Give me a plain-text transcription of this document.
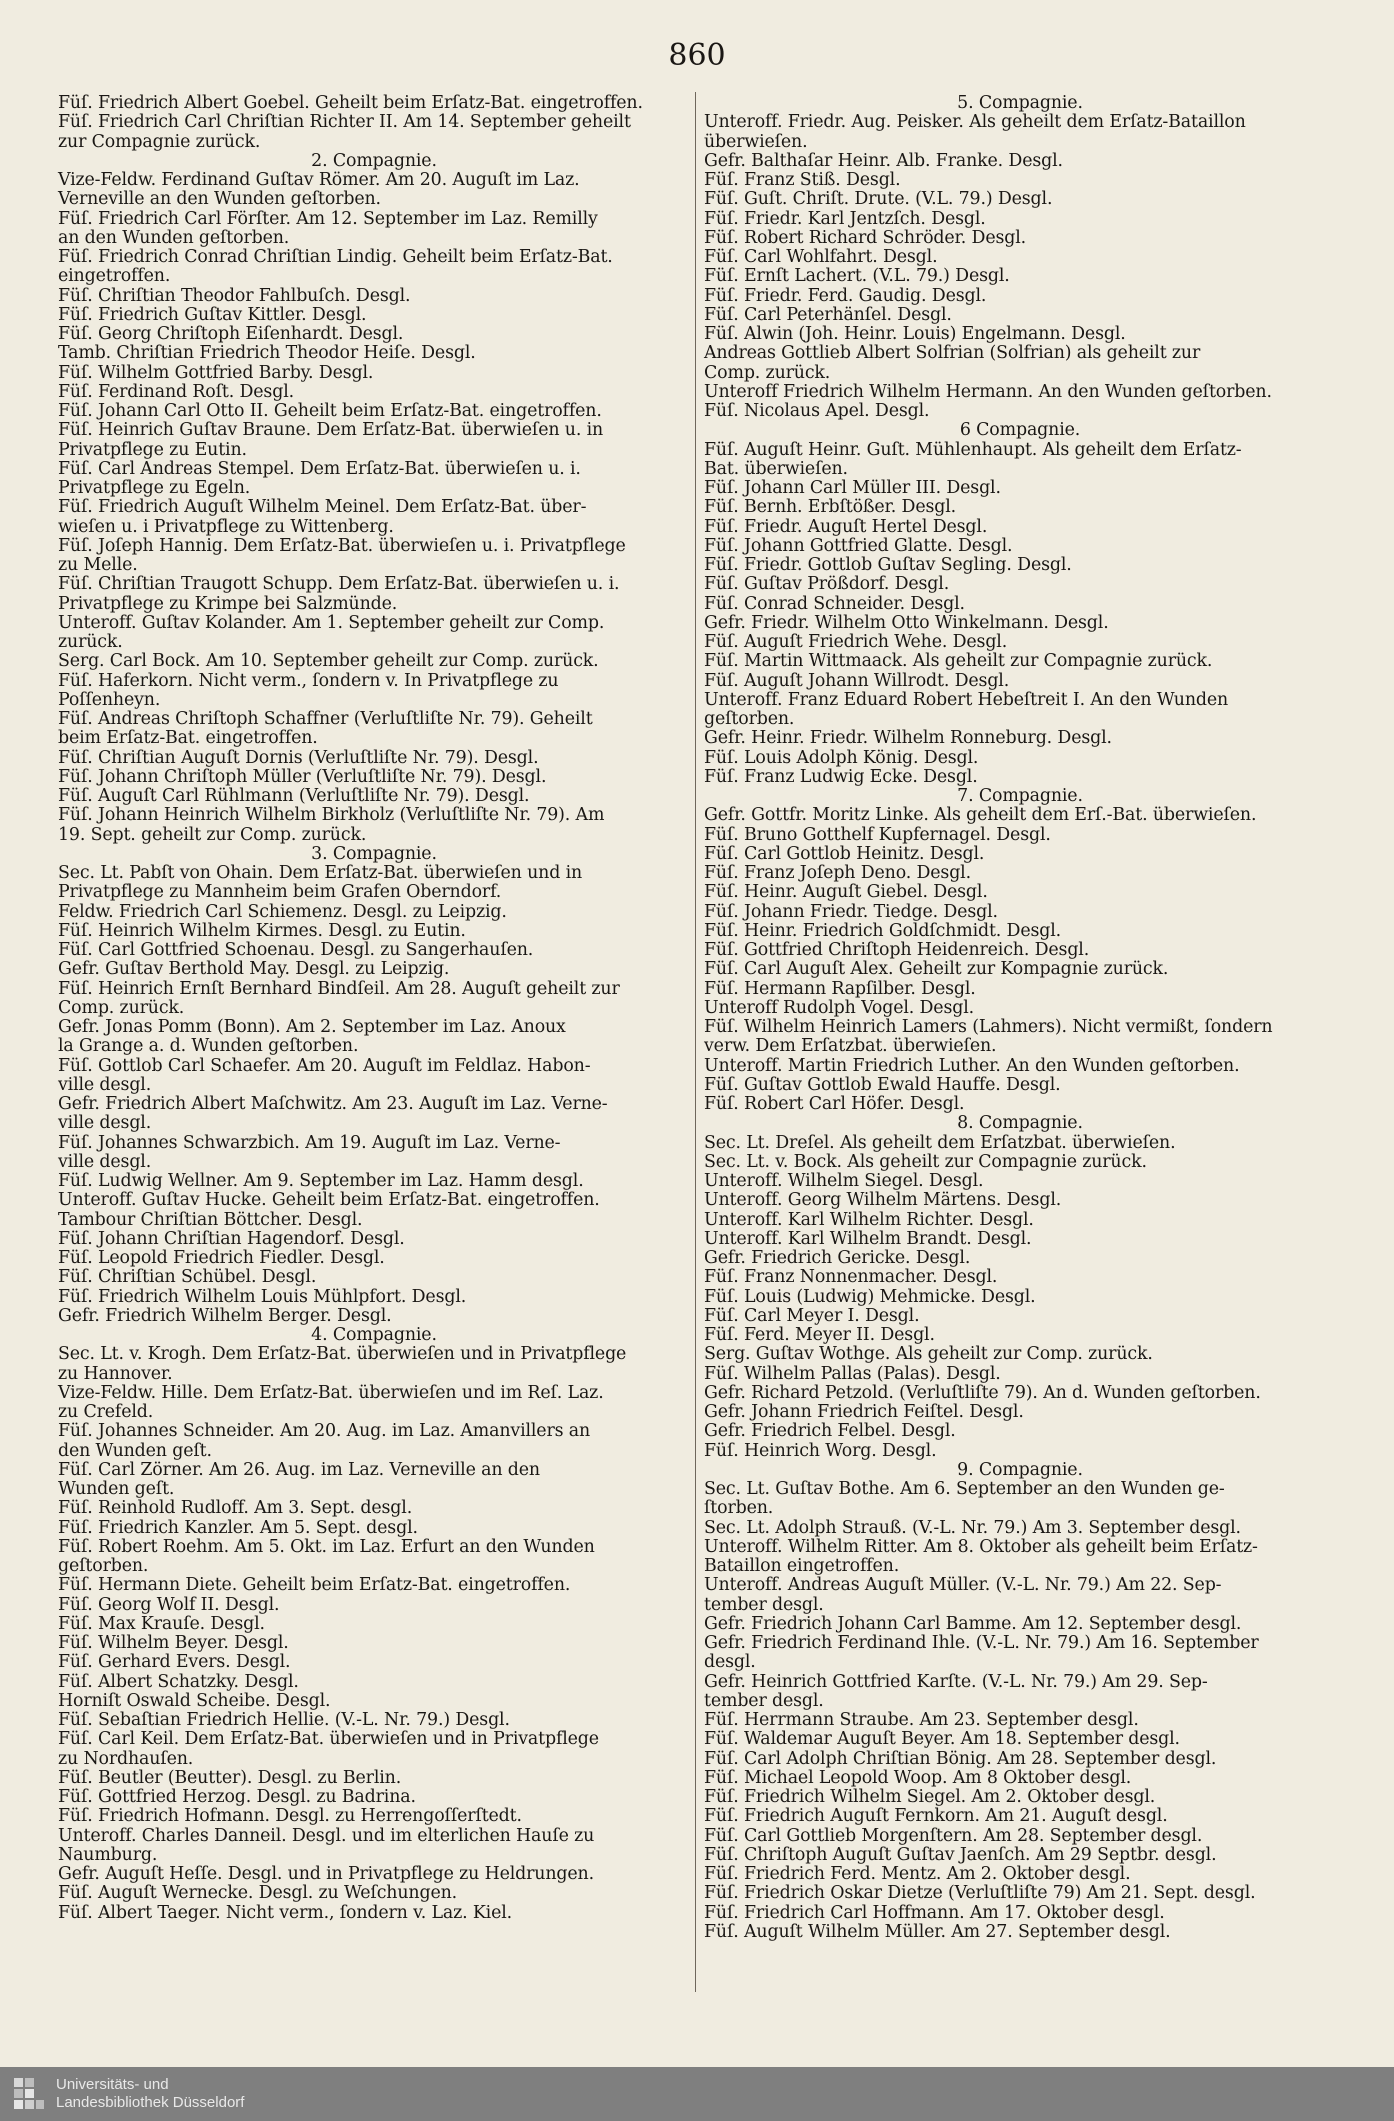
860
Füſ. Friedrich Albert Goebel. Geheilt beim Erſatz-Bat. eingetroffen.
Füſ. Friedrich Carl Chriſtian Richter II. Am 14. September geheilt
zur Compagnie zurück.
2. Compagnie.
Vize-Feldw. Ferdinand Guſtav Römer. Am 20. Auguſt im Laz.
Verneville an den Wunden geſtorben.
Füſ. Friedrich Carl Förſter. Am 12. September im Laz. Remilly
an den Wunden geſtorben.
Füſ. Friedrich Conrad Chriſtian Lindig. Geheilt beim Erſatz-Bat.
eingetroffen.
Füſ. Chriſtian Theodor Fahlbuſch. Desgl.
Füſ. Friedrich Guſtav Kittler. Desgl.
Füſ. Georg Chriſtoph Eiſenhardt. Desgl.
Tamb. Chriſtian Friedrich Theodor Heiſe. Desgl.
Füſ. Wilhelm Gottfried Barby. Desgl.
Füſ. Ferdinand Roſt. Desgl.
Füſ. Johann Carl Otto II. Geheilt beim Erſatz-Bat. eingetroffen.
Füſ. Heinrich Guſtav Braune. Dem Erſatz-Bat. überwieſen u. in
Privatpflege zu Eutin.
Füſ. Carl Andreas Stempel. Dem Erſatz-Bat. überwieſen u. i.
Privatpflege zu Egeln.
Füſ. Friedrich Auguſt Wilhelm Meinel. Dem Erſatz-Bat. über-
wieſen u. i Privatpflege zu Wittenberg.
Füſ. Joſeph Hannig. Dem Erſatz-Bat. überwieſen u. i. Privatpflege
zu Melle.
Füſ. Chriſtian Traugott Schupp. Dem Erſatz-Bat. überwieſen u. i.
Privatpflege zu Krimpe bei Salzmünde.
Unteroff. Guſtav Kolander. Am 1. September geheilt zur Comp.
zurück.
Serg. Carl Bock. Am 10. September geheilt zur Comp. zurück.
Füſ. Haferkorn. Nicht verm., ſondern v. In Privatpflege zu
Poſſenheyn.
Füſ. Andreas Chriſtoph Schaffner (Verluſtliſte Nr. 79). Geheilt
beim Erſatz-Bat. eingetroffen.
Füſ. Chriſtian Auguſt Dornis (Verluſtliſte Nr. 79). Desgl.
Füſ. Johann Chriſtoph Müller (Verluſtliſte Nr. 79). Desgl.
Füſ. Auguſt Carl Rühlmann (Verluſtliſte Nr. 79). Desgl.
Füſ. Johann Heinrich Wilhelm Birkholz (Verluſtliſte Nr. 79). Am
19. Sept. geheilt zur Comp. zurück.
3. Compagnie.
Sec. Lt. Pabſt von Ohain. Dem Erſatz-Bat. überwieſen und in
Privatpflege zu Mannheim beim Grafen Oberndorf.
Feldw. Friedrich Carl Schiemenz. Desgl. zu Leipzig.
Füſ. Heinrich Wilhelm Kirmes. Desgl. zu Eutin.
Füſ. Carl Gottfried Schoenau. Desgl. zu Sangerhauſen.
Gefr. Guſtav Berthold May. Desgl. zu Leipzig.
Füſ. Heinrich Ernſt Bernhard Bindſeil. Am 28. Auguſt geheilt zur
Comp. zurück.
Gefr. Jonas Pomm (Bonn). Am 2. September im Laz. Anoux
la Grange a. d. Wunden geſtorben.
Füſ. Gottlob Carl Schaefer. Am 20. Auguſt im Feldlaz. Habon-
ville desgl.
Gefr. Friedrich Albert Maſchwitz. Am 23. Auguſt im Laz. Verne-
ville desgl.
Füſ. Johannes Schwarzbich. Am 19. Auguſt im Laz. Verne-
ville desgl.
Füſ. Ludwig Wellner. Am 9. September im Laz. Hamm desgl.
Unteroff. Guſtav Hucke. Geheilt beim Erſatz-Bat. eingetroffen.
Tambour Chriſtian Böttcher. Desgl.
Füſ. Johann Chriſtian Hagendorf. Desgl.
Füſ. Leopold Friedrich Fiedler. Desgl.
Füſ. Chriſtian Schübel. Desgl.
Füſ. Friedrich Wilhelm Louis Mühlpfort. Desgl.
Gefr. Friedrich Wilhelm Berger. Desgl.
4. Compagnie.
Sec. Lt. v. Krogh. Dem Erſatz-Bat. überwieſen und in Privatpflege
zu Hannover.
Vize-Feldw. Hille. Dem Erſatz-Bat. überwieſen und im Reſ. Laz.
zu Crefeld.
Füſ. Johannes Schneider. Am 20. Aug. im Laz. Amanvillers an
den Wunden geſt.
Füſ. Carl Zörner. Am 26. Aug. im Laz. Verneville an den
Wunden geſt.
Füſ. Reinhold Rudloff. Am 3. Sept. desgl.
Füſ. Friedrich Kanzler. Am 5. Sept. desgl.
Füſ. Robert Roehm. Am 5. Okt. im Laz. Erfurt an den Wunden
geſtorben.
Füſ. Hermann Diete. Geheilt beim Erſatz-Bat. eingetroffen.
Füſ. Georg Wolf II. Desgl.
Füſ. Max Krauſe. Desgl.
Füſ. Wilhelm Beyer. Desgl.
Füſ. Gerhard Evers. Desgl.
Füſ. Albert Schatzky. Desgl.
Horniſt Oswald Scheibe. Desgl.
Füſ. Sebaſtian Friedrich Hellie. (V.-L. Nr. 79.) Desgl.
Füſ. Carl Keil. Dem Erſatz-Bat. überwieſen und in Privatpflege
zu Nordhauſen.
Füſ. Beutler (Beutter). Desgl. zu Berlin.
Füſ. Gottfried Herzog. Desgl. zu Badrina.
Füſ. Friedrich Hofmann. Desgl. zu Herrengoſſerſtedt.
Unteroff. Charles Danneil. Desgl. und im elterlichen Hauſe zu
Naumburg.
Gefr. Auguſt Heſſe. Desgl. und in Privatpflege zu Heldrungen.
Füſ. Auguſt Wernecke. Desgl. zu Weſchungen.
Füſ. Albert Taeger. Nicht verm., ſondern v. Laz. Kiel.
5. Compagnie.
Unteroff. Friedr. Aug. Peisker. Als geheilt dem Erſatz-Bataillon
überwieſen.
Gefr. Balthaſar Heinr. Alb. Franke. Desgl.
Füſ. Franz Stiß. Desgl.
Füſ. Guſt. Chriſt. Drute. (V.L. 79.) Desgl.
Füſ. Friedr. Karl Jentzſch. Desgl.
Füſ. Robert Richard Schröder. Desgl.
Füſ. Carl Wohlfahrt. Desgl.
Füſ. Ernſt Lachert. (V.L. 79.) Desgl.
Füſ. Friedr. Ferd. Gaudig. Desgl.
Füſ. Carl Peterhänſel. Desgl.
Füſ. Alwin (Joh. Heinr. Louis) Engelmann. Desgl.
Andreas Gottlieb Albert Solfrian (Solfrian) als geheilt zur
Comp. zurück.
Unteroff Friedrich Wilhelm Hermann. An den Wunden geſtorben.
Füſ. Nicolaus Apel. Desgl.
6 Compagnie.
Füſ. Auguſt Heinr. Guſt. Mühlenhaupt. Als geheilt dem Erſatz-
Bat. überwieſen.
Füſ. Johann Carl Müller III. Desgl.
Füſ. Bernh. Erbſtößer. Desgl.
Füſ. Friedr. Auguſt Hertel Desgl.
Füſ. Johann Gottfried Glatte. Desgl.
Füſ. Friedr. Gottlob Guſtav Segling. Desgl.
Füſ. Guſtav Prößdorf. Desgl.
Füſ. Conrad Schneider. Desgl.
Gefr. Friedr. Wilhelm Otto Winkelmann. Desgl.
Füſ. Auguſt Friedrich Wehe. Desgl.
Füſ. Martin Wittmaack. Als geheilt zur Compagnie zurück.
Füſ. Auguſt Johann Willrodt. Desgl.
Unteroff. Franz Eduard Robert Hebeſtreit I. An den Wunden
geſtorben.
Gefr. Heinr. Friedr. Wilhelm Ronneburg. Desgl.
Füſ. Louis Adolph König. Desgl.
Füſ. Franz Ludwig Ecke. Desgl.
7. Compagnie.
Gefr. Gottfr. Moritz Linke. Als geheilt dem Erſ.-Bat. überwieſen.
Füſ. Bruno Gotthelf Kupfernagel. Desgl.
Füſ. Carl Gottlob Heinitz. Desgl.
Füſ. Franz Joſeph Deno. Desgl.
Füſ. Heinr. Auguſt Giebel. Desgl.
Füſ. Johann Friedr. Tiedge. Desgl.
Füſ. Heinr. Friedrich Goldſchmidt. Desgl.
Füſ. Gottfried Chriſtoph Heidenreich. Desgl.
Füſ. Carl Auguſt Alex. Geheilt zur Kompagnie zurück.
Füſ. Hermann Rapſilber. Desgl.
Unteroff Rudolph Vogel. Desgl.
Füſ. Wilhelm Heinrich Lamers (Lahmers). Nicht vermißt, ſondern
verw. Dem Erſatzbat. überwieſen.
Unteroff. Martin Friedrich Luther. An den Wunden geſtorben.
Füſ. Guſtav Gottlob Ewald Hauffe. Desgl.
Füſ. Robert Carl Höfer. Desgl.
8. Compagnie.
Sec. Lt. Dreſel. Als geheilt dem Erſatzbat. überwieſen.
Sec. Lt. v. Bock. Als geheilt zur Compagnie zurück.
Unteroff. Wilhelm Siegel. Desgl.
Unteroff. Georg Wilhelm Märtens. Desgl.
Unteroff. Karl Wilhelm Richter. Desgl.
Unteroff. Karl Wilhelm Brandt. Desgl.
Gefr. Friedrich Gericke. Desgl.
Füſ. Franz Nonnenmacher. Desgl.
Füſ. Louis (Ludwig) Mehmicke. Desgl.
Füſ. Carl Meyer I. Desgl.
Füſ. Ferd. Meyer II. Desgl.
Serg. Guſtav Wothge. Als geheilt zur Comp. zurück.
Füſ. Wilhelm Pallas (Palas). Desgl.
Gefr. Richard Petzold. (Verluſtliſte 79). An d. Wunden geſtorben.
Gefr. Johann Friedrich Feiſtel. Desgl.
Gefr. Friedrich Felbel. Desgl.
Füſ. Heinrich Worg. Desgl.
9. Compagnie.
Sec. Lt. Guſtav Bothe. Am 6. September an den Wunden ge-
ſtorben.
Sec. Lt. Adolph Strauß. (V.-L. Nr. 79.) Am 3. September desgl.
Unteroff. Wilhelm Ritter. Am 8. Oktober als geheilt beim Erſatz-
Bataillon eingetroffen.
Unteroff. Andreas Auguſt Müller. (V.-L. Nr. 79.) Am 22. Sep-
tember desgl.
Gefr. Friedrich Johann Carl Bamme. Am 12. September desgl.
Gefr. Friedrich Ferdinand Ihle. (V.-L. Nr. 79.) Am 16. September
desgl.
Gefr. Heinrich Gottfried Karſte. (V.-L. Nr. 79.) Am 29. Sep-
tember desgl.
Füſ. Herrmann Straube. Am 23. September desgl.
Füſ. Waldemar Auguſt Beyer. Am 18. September desgl.
Füſ. Carl Adolph Chriſtian Bönig. Am 28. September desgl.
Füſ. Michael Leopold Woop. Am 8 Oktober desgl.
Füſ. Friedrich Wilhelm Siegel. Am 2. Oktober desgl.
Füſ. Friedrich Auguſt Fernkorn. Am 21. Auguſt desgl.
Füſ. Carl Gottlieb Morgenſtern. Am 28. September desgl.
Füſ. Chriſtoph Auguſt Guſtav Jaenſch. Am 29 Septbr. desgl.
Füſ. Friedrich Ferd. Mentz. Am 2. Oktober desgl.
Füſ. Friedrich Oskar Dietze (Verluſtliſte 79) Am 21. Sept. desgl.
Füſ. Friedrich Carl Hoffmann. Am 17. Oktober desgl.
Füſ. Auguſt Wilhelm Müller. Am 27. September desgl.
Universitäts- und
Landesbibliothek Düsseldorf
